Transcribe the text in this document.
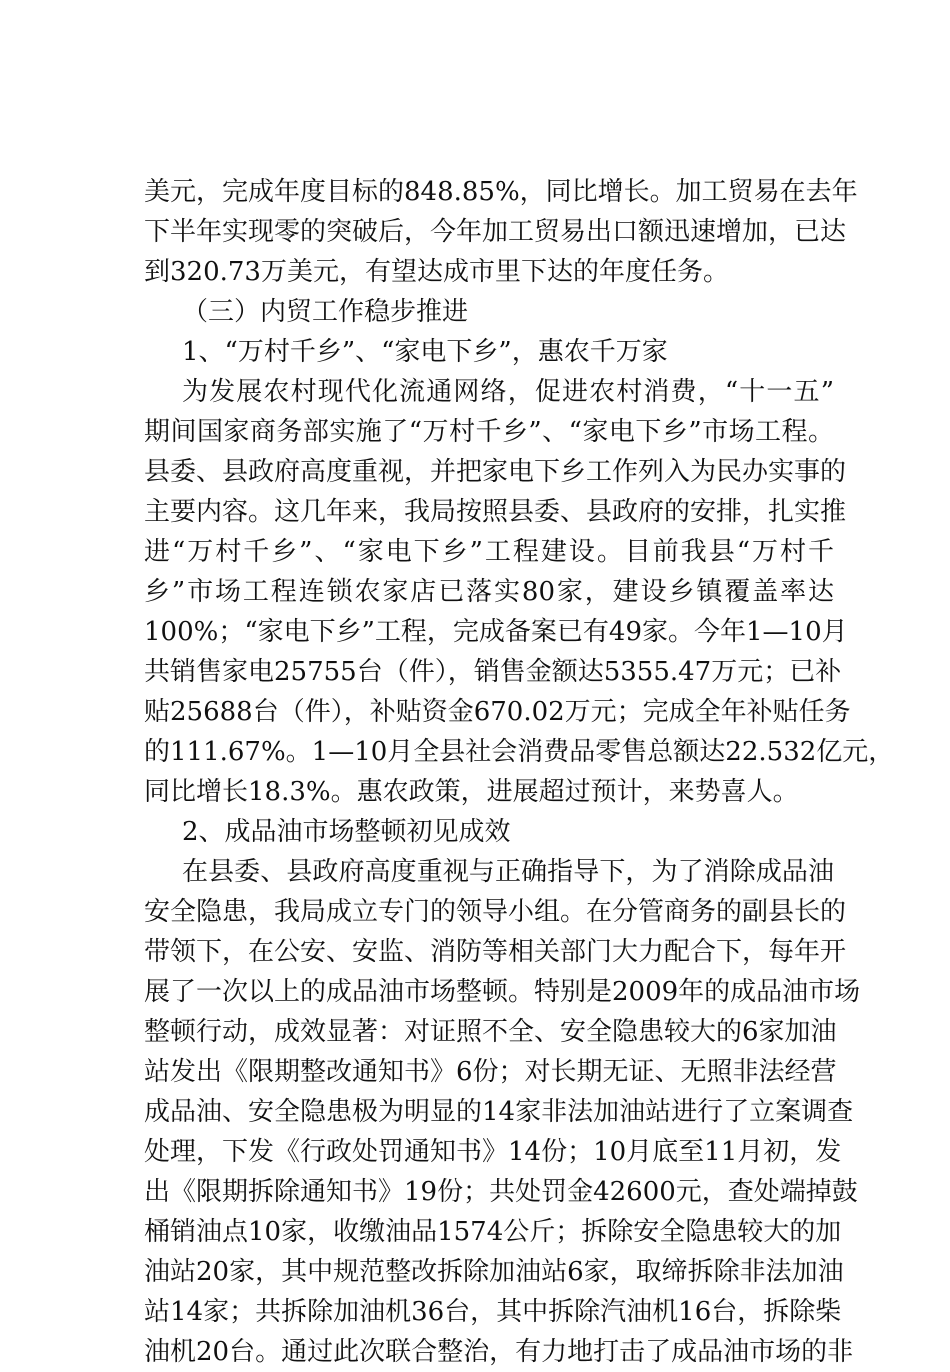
美元，完成年度目标的848.85%，同比增长。加工贸易在去年
下半年实现零的突破后，今年加工贸易出口额迅速增加，已达
到320.73万美元，有望达成市里下达的年度任务。
（三）内贸工作稳步推进
1、“万村千乡”、“家电下乡”，惠农千万家
为发展农村现代化流通网络，促进农村消费，“十一五”
期间国家商务部实施了“万村千乡”、“家电下乡”市场工程。
县委、县政府高度重视，并把家电下乡工作列入为民办实事的
主要内容。这几年来，我局按照县委、县政府的安排，扎实推
进“万村千乡”、“家电下乡”工程建设。目前我县“万村千
乡”市场工程连锁农家店已落实80家，建设乡镇覆盖率达
100%；“家电下乡”工程，完成备案已有49家。今年1—10月
共销售家电25755台（件），销售金额达5355.47万元；已补
贴25688台（件），补贴资金670.02万元；完成全年补贴任务
的111.67%。1—10月全县社会消费品零售总额达22.532亿元，
同比增长18.3%。惠农政策，进展超过预计，来势喜人。
2、成品油市场整顿初见成效
在县委、县政府高度重视与正确指导下，为了消除成品油
安全隐患，我局成立专门的领导小组。在分管商务的副县长的
带领下，在公安、安监、消防等相关部门大力配合下，每年开
展了一次以上的成品油市场整顿。特别是2009年的成品油市场
整顿行动，成效显著：对证照不全、安全隐患较大的6家加油
站发出《限期整改通知书》6份；对长期无证、无照非法经营
成品油、安全隐患极为明显的14家非法加油站进行了立案调查
处理，下发《行政处罚通知书》14份；10月底至11月初，发
出《限期拆除通知书》19份；共处罚金42600元，查处端掉鼓
桶销油点10家，收缴油品1574公斤；拆除安全隐患较大的加
油站20家，其中规范整改拆除加油站6家，取缔拆除非法加油
站14家；共拆除加油机36台，其中拆除汽油机16台，拆除柴
油机20台。通过此次联合整治，有力地打击了成品油市场的非
